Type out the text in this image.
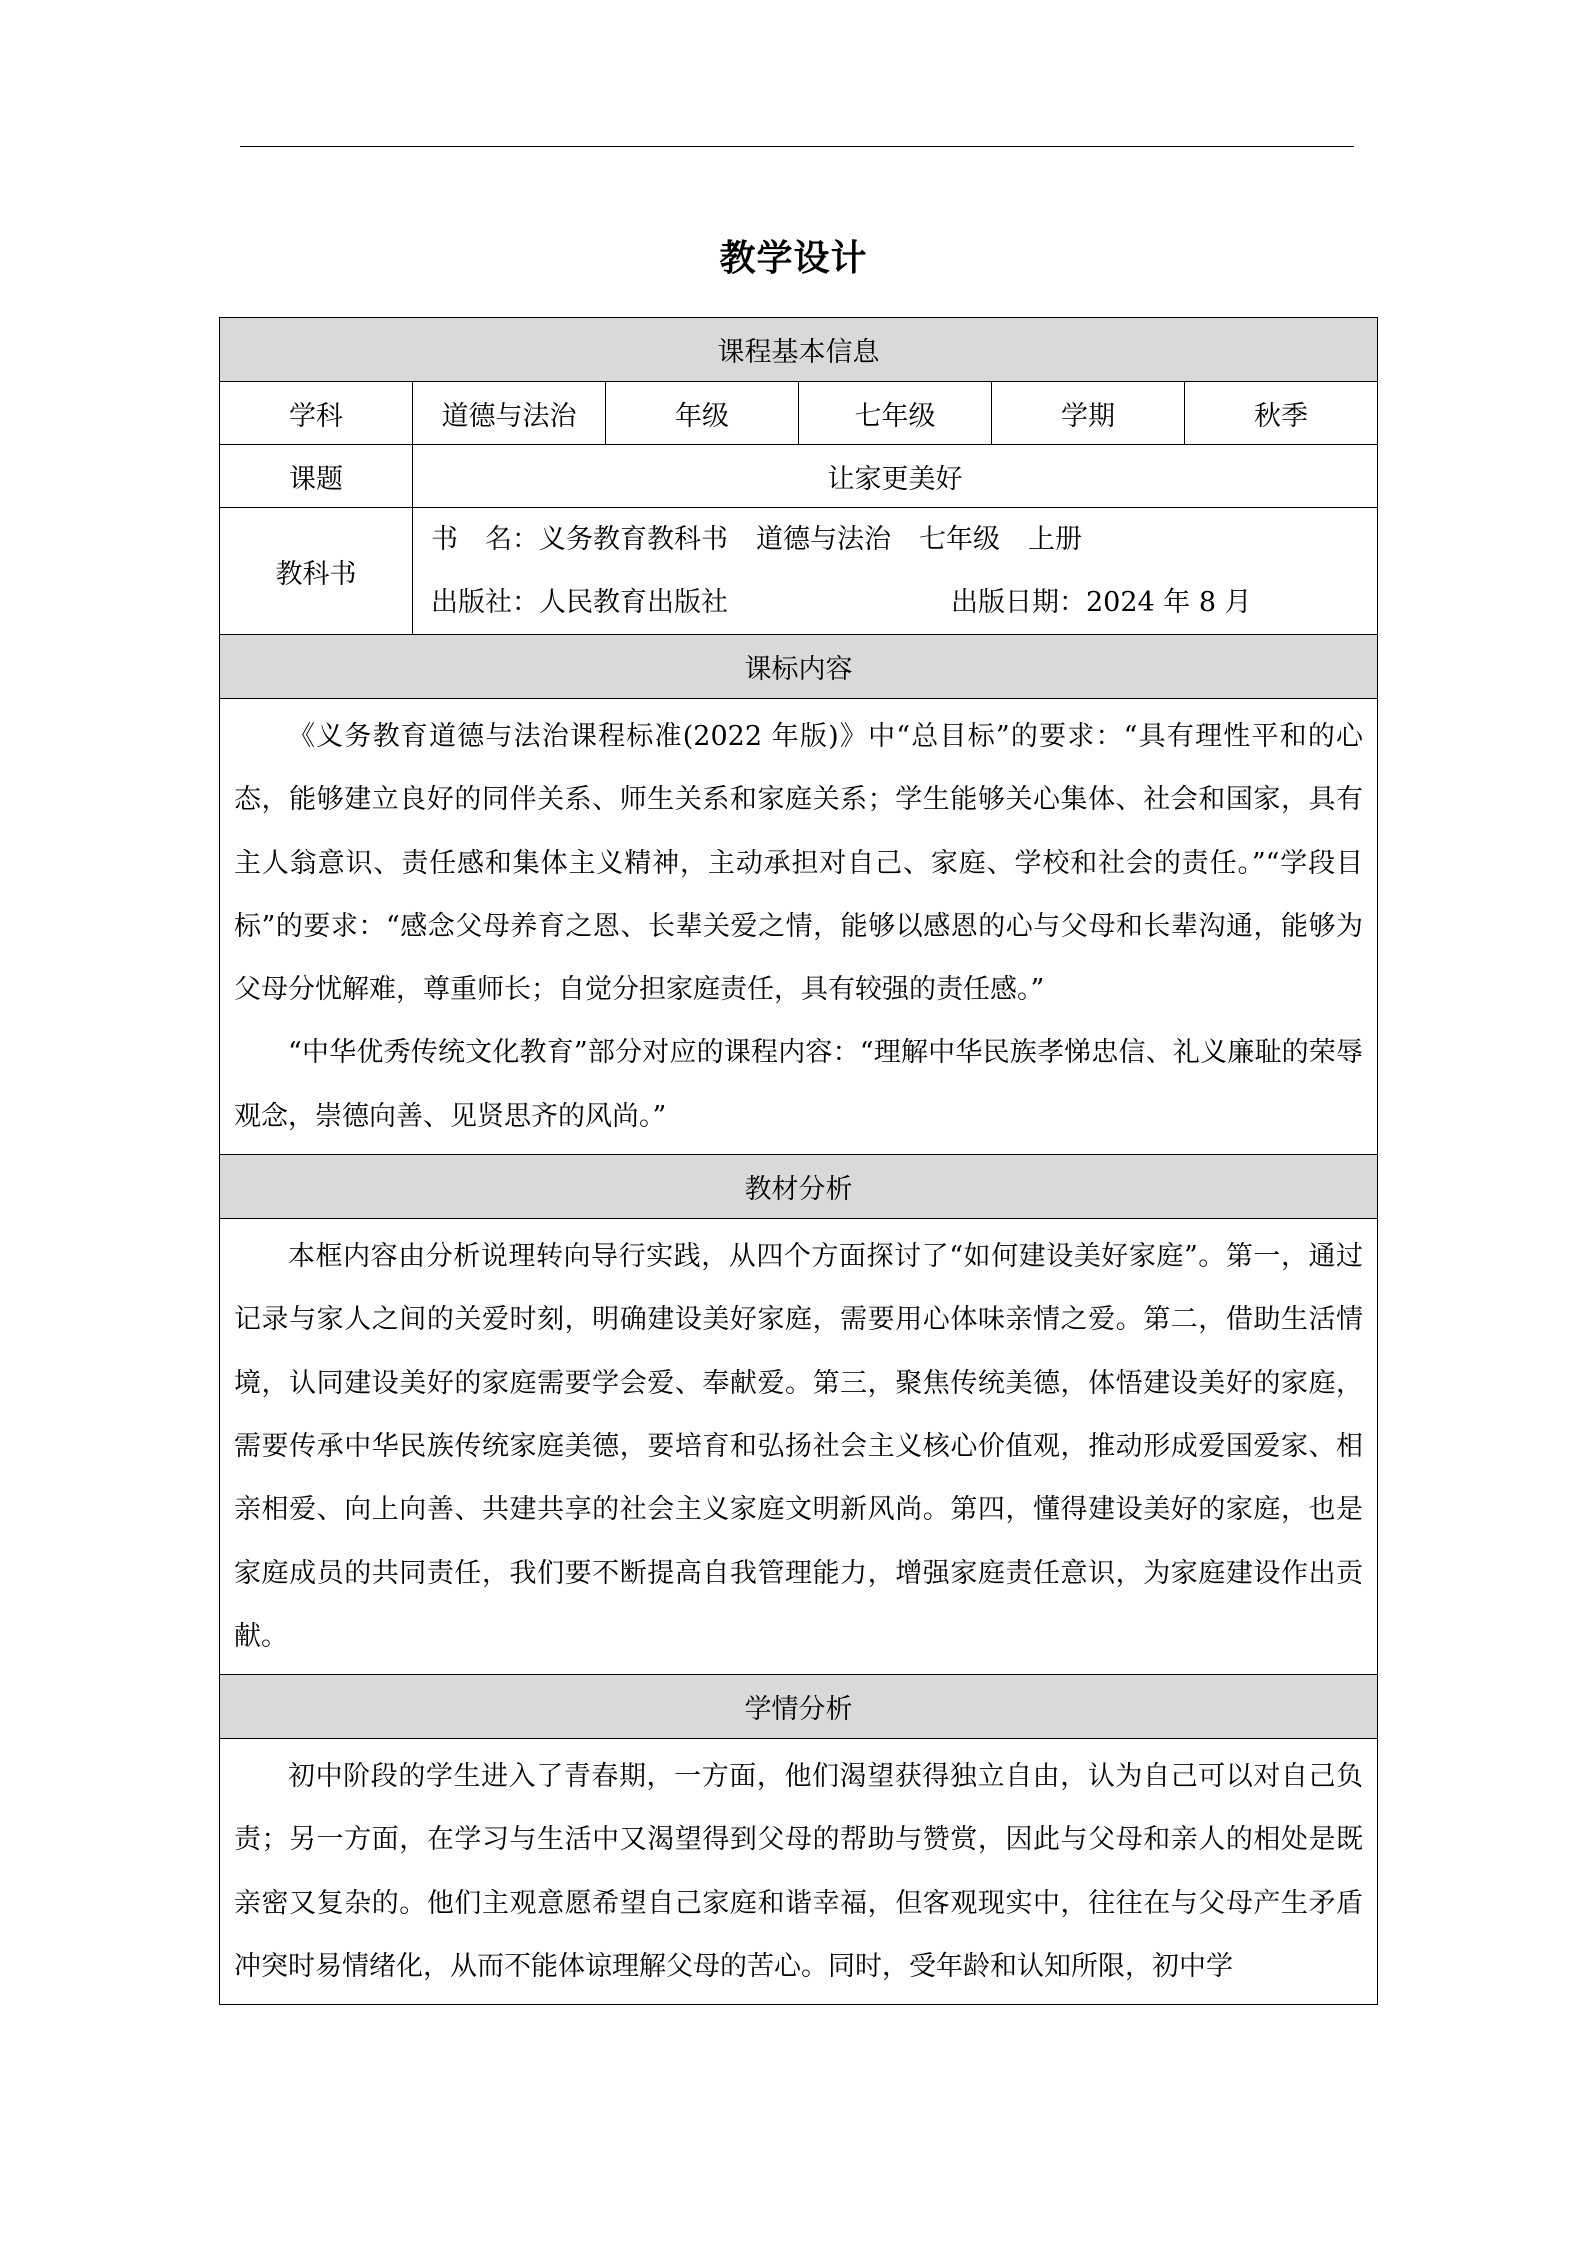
教学设计
课程基本信息					
学科	道德与法治	年级	七年级	学期	秋季
课题	让家更美好				
教科书	书　名：义务教育教科书 道德与法治 七年级 上册
出版社：人民教育出版社 出版日期：2024 年 8 月				

课标内容					

《义务教育道德与法治课程标准(2022 年版)》中“总目标”的要求：“具有理性平和的心态，能够建立良好的同伴关系、师生关系和家庭关系；学生能够关心集体、社会和国家，具有主人翁意识、责任感和集体主义精神，主动承担对自己、家庭、学校和社会的责任。”“学段目标”的要求：“感念父母养育之恩、长辈关爱之情，能够以感恩的心与父母和长辈沟通，能够为父母分忧解难，尊重师长；自觉分担家庭责任，具有较强的责任感。”

“中华优秀传统文化教育”部分对应的课程内容：“理解中华民族孝悌忠信、礼义廉耻的荣辱观念，崇德向善、见贤思齐的风尚。”					

教材分析					

本框内容由分析说理转向导行实践，从四个方面探讨了“如何建设美好家庭”。第一，通过记录与家人之间的关爱时刻，明确建设美好家庭，需要用心体味亲情之爱。第二，借助生活情境，认同建设美好的家庭需要学会爱、奉献爱。第三，聚焦传统美德，体悟建设美好的家庭，需要传承中华民族传统家庭美德，要培育和弘扬社会主义核心价值观，推动形成爱国爱家、相亲相爱、向上向善、共建共享的社会主义家庭文明新风尚。第四，懂得建设美好的家庭，也是家庭成员的共同责任，我们要不断提高自我管理能力，增强家庭责任意识，为家庭建设作出贡献。					

学情分析					

初中阶段的学生进入了青春期，一方面，他们渴望获得独立自由，认为自己可以对自己负责；另一方面，在学习与生活中又渴望得到父母的帮助与赞赏，因此与父母和亲人的相处是既亲密又复杂的。他们主观意愿希望自己家庭和谐幸福，但客观现实中，往往在与父母产生矛盾冲突时易情绪化，从而不能体谅理解父母的苦心。同时，受年龄和认知所限，初中学					
